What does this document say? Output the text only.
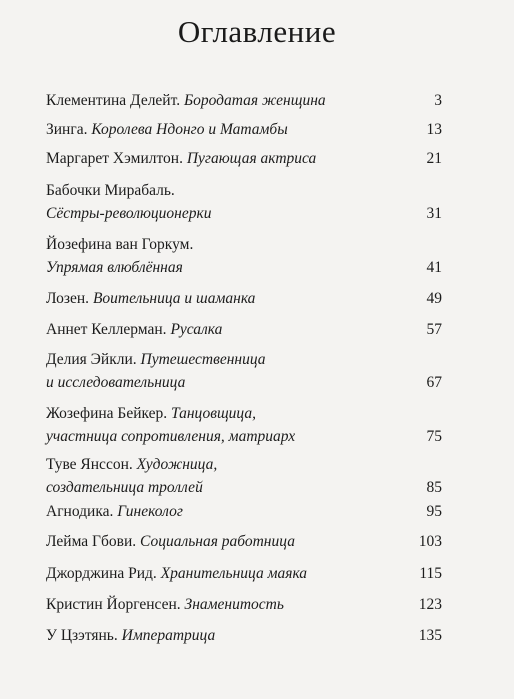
Оглавление
Клементина Делейт. Бородатая женщина	3
Зинга. Королева Ндонго и Матамбы	13
Маргарет Хэмилтон. Пугающая актриса	21
Бабочки Мирабаль.
Сёстры-революционерки	31
Йозефина ван Горкум.
Упрямая влюблённая	41
Лозен. Воительница и шаманка	49
Аннет Келлерман. Русалка	57
Делия Эйкли. Путешественница
и исследовательница	67
Жозефина Бейкер. Танцовщица,
участница сопротивления, матриарх	75
Туве Янссон. Художница,
создательница троллей	85
Агнодика. Гинеколог	95
Лейма Гбови. Социальная работница	103
Джорджина Рид. Хранительница маяка	115
Кристин Йоргенсен. Знаменитость	123
У Цзэтянь. Императрица	135
